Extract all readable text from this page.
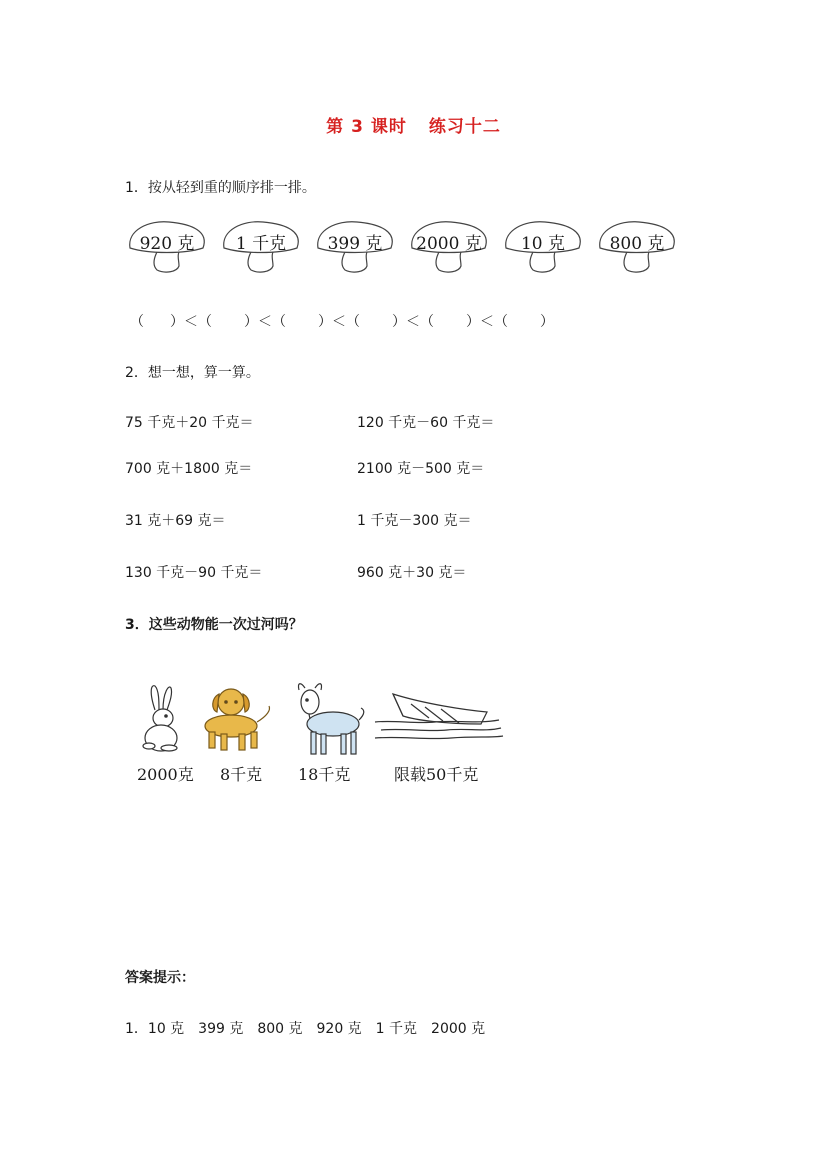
第 3 课时 练习十二
1．按从轻到重的顺序排一排。
920 克	1 千克	399 克	2000 克	10 克	800 克
（ ）＜（ ）＜（ ）＜（ ）＜（ ）＜（ ）
2．想一想，算一算。
75 千克＋20 千克＝	120 千克－60 千克＝
700 克＋1800 克＝	2100 克－500 克＝
31 克＋69 克＝	1 千克－300 克＝
130 千克－90 千克＝	960 克＋30 克＝
3．这些动物能一次过河吗？
2000克 8千克 18千克	限载50千克
答案提示：
1．10 克　399 克　800 克　920 克　1 千克　2000 克
